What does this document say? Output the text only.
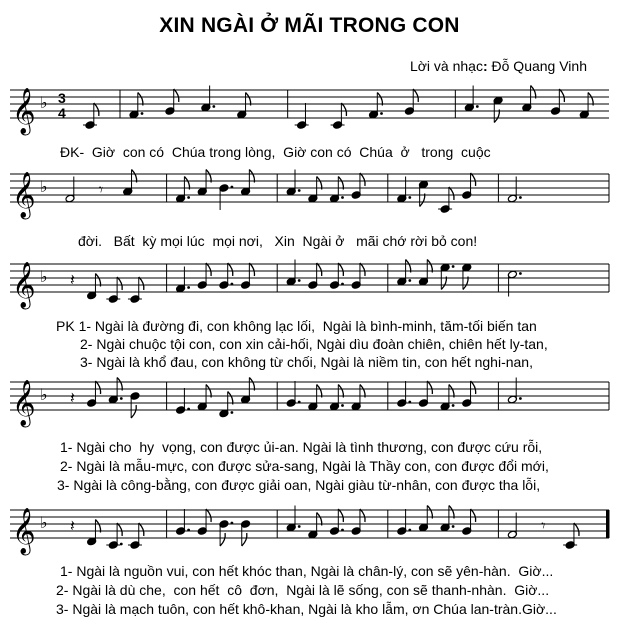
XIN NGÀI Ở MÃI TRONG CON
Lời và nhạc: Đỗ Quang Vinh
𝄞 ♭ 3
4
ĐK-  Giờ  con có  Chúa trong lòng,  Giờ con có  Chúa  ở   trong  cuộc
𝄞 ♭	𝄾
đời.   Bất  kỳ mọi lúc  mọi nơi,   Xin  Ngài ở   mãi chớ rời bỏ con!
𝄞 ♭ 𝄽
PK 1- Ngài là đường đi, con không lạc lối,  Ngài là bình-minh, tăm-tối biến tan
2- Ngài chuộc tội con, con xin cải-hối, Ngài dìu đoàn chiên, chiên hết ly-tan,
3- Ngài là khổ đau, con không từ chối, Ngài là niềm tin, con hết nghi-nan,
𝄞 ♭ 𝄽
1- Ngài cho  hy  vọng, con được ủi-an. Ngài là tình thương, con được cứu rỗi,
2- Ngài là mẫu-mực, con được sửa-sang, Ngài là Thầy con, con được đổi mới,
3- Ngài là công-bằng, con được giải oan, Ngài giàu từ-nhân, con được tha lỗi,
𝄞 ♭ 𝄽	𝄾
1- Ngài là nguồn vui, con hết khóc than, Ngài là chân-lý, con sẽ yên-hàn.  Giờ...
2- Ngài là dù che,  con hết  cô  đơn,  Ngài là lẽ sống, con sẽ thanh-nhàn.  Giờ...
3- Ngài là mạch tuôn, con hết khô-khan, Ngài là kho lẫm, ơn Chúa lan-tràn.Giờ...
